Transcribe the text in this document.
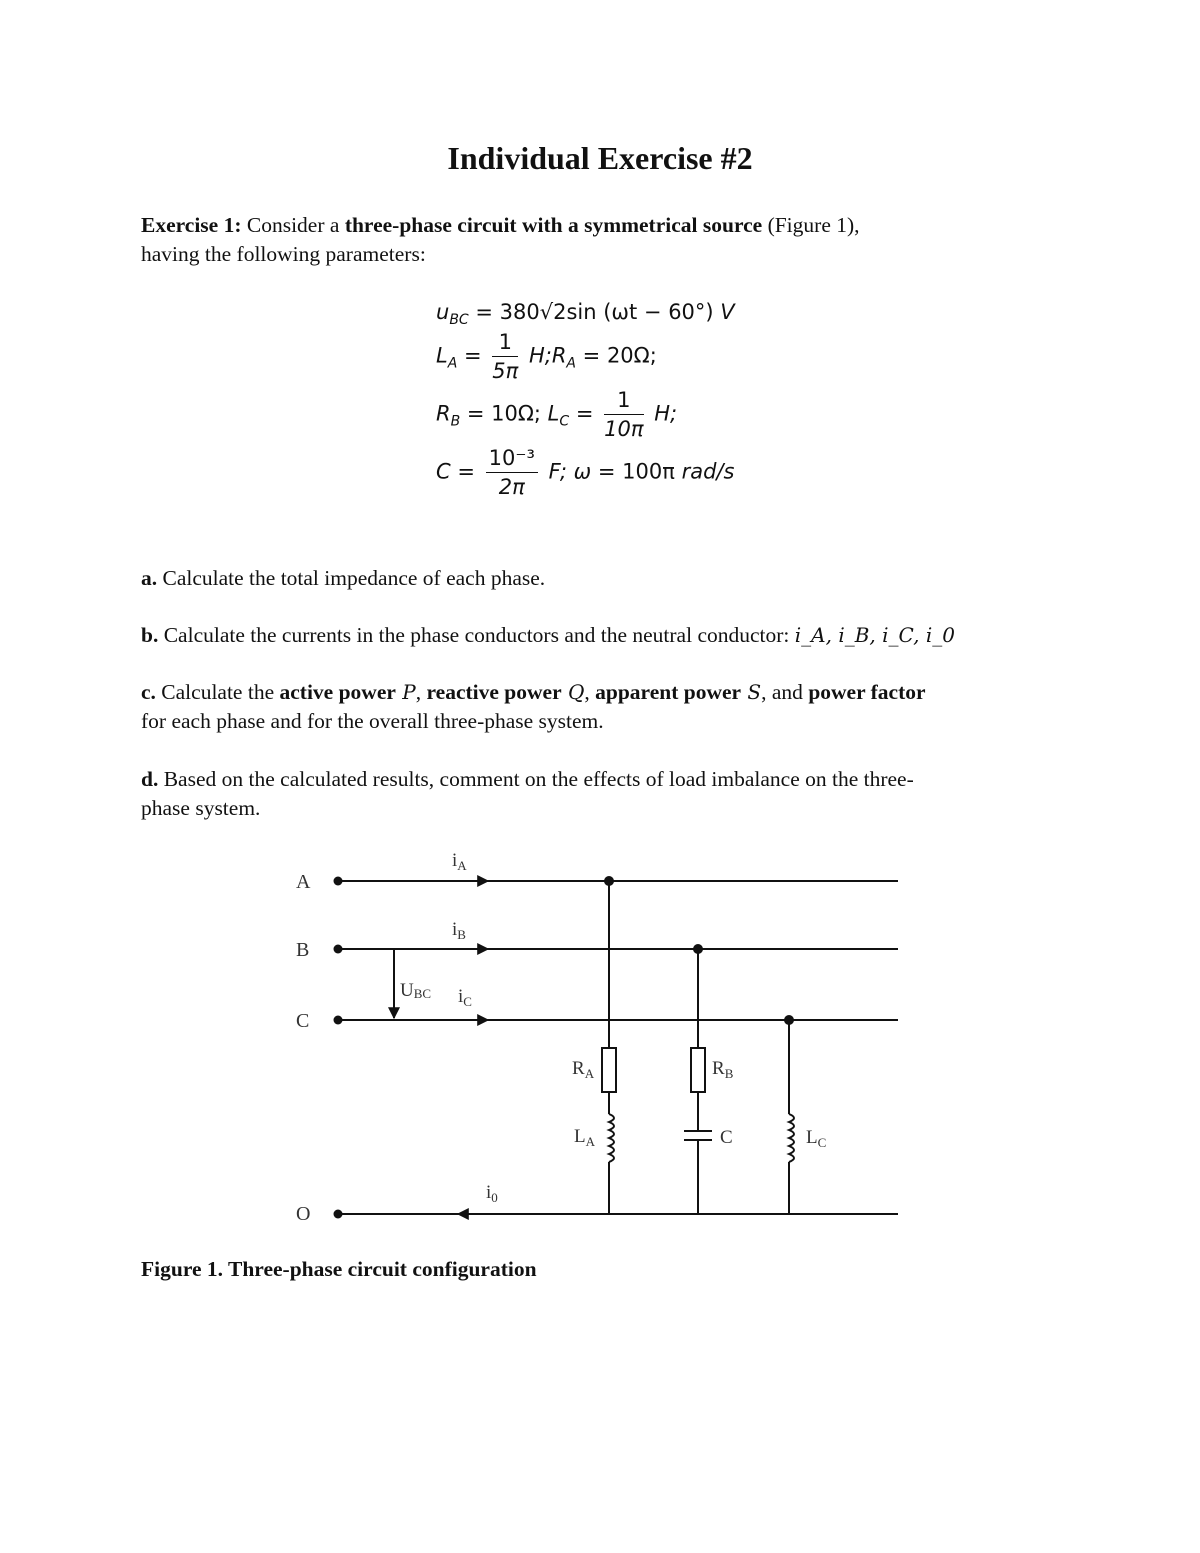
Individual Exercise #2
Exercise 1: Consider a three-phase circuit with a symmetrical source (Figure 1),
having the following parameters:
$u_{BC} = 380√2\sin$ (ωt − 60°) V
$L_A = \frac{1}{5\pi}$ $H;R_A = 20\Omega$;
$R_B = 10\Omega$; $L_C = \frac{1}{10\pi} H$;
$C = \frac{\text{10⁻³}}{2\pi} F$; ω = 100π rad/s
a. Calculate the total impedance of each phase.
b. Calculate the currents in the phase conductors and the neutral conductor: i_A, i_B, i_C, i_0
c. Calculate the active power P, reactive power Q, apparent power S, and power factor
for each phase and for the overall three-phase system.
d. Based on the calculated results, comment on the effects of load imbalance on the three-
phase system.
A
B
C
O
$i_A$
$i_B$
$i_C$
$i_0$
UBC
$R_A$
$L_A$
$R_B$
C	$L_C$
Figure 1. Three-phase circuit configuration
